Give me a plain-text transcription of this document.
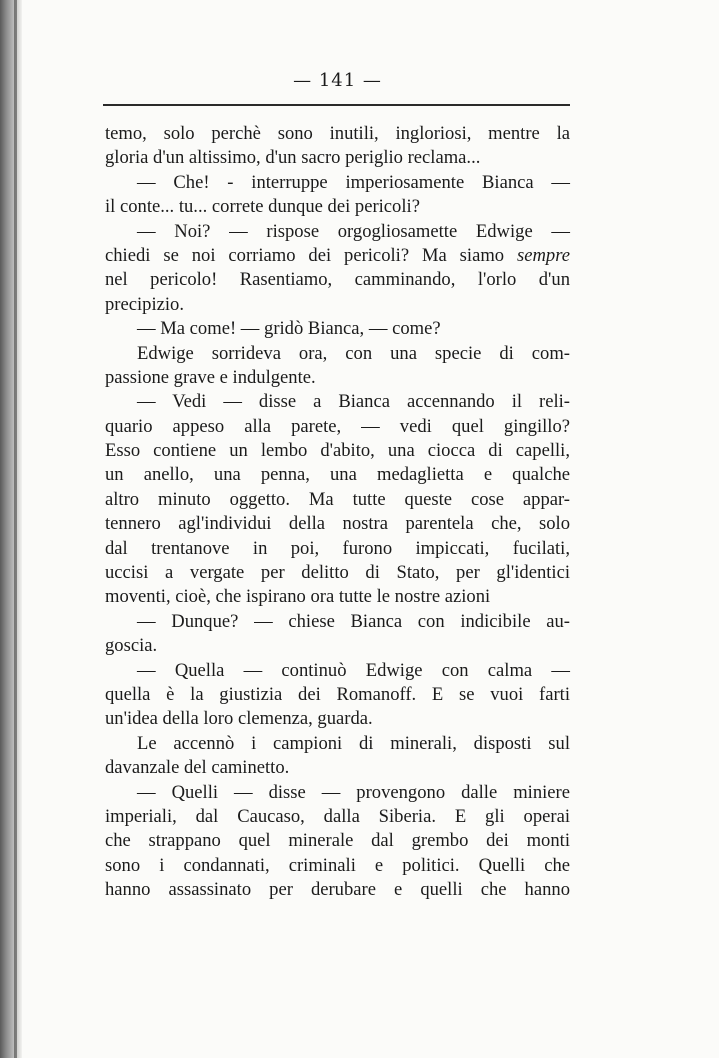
— 141 —
temo, solo perchè sono inutili, ingloriosi, mentre la
gloria d'un altissimo, d'un sacro periglio reclama...
— Che! - interruppe imperiosamente Bianca —
il conte... tu... correte dunque dei pericoli?
— Noi? — rispose orgogliosamette Edwige —
chiedi se noi corriamo dei pericoli? Ma siamo sempre
nel pericolo! Rasentiamo, camminando, l'orlo d'un
precipizio.
— Ma come! — gridò Bianca, — come?
Edwige sorrideva ora, con una specie di com-
passione grave e indulgente.
— Vedi — disse a Bianca accennando il reli-
quario appeso alla parete, — vedi quel gingillo?
Esso contiene un lembo d'abito, una ciocca di capelli,
un anello, una penna, una medaglietta e qualche
altro minuto oggetto. Ma tutte queste cose appar-
tennero agl'individui della nostra parentela che, solo
dal trentanove in poi, furono impiccati, fucilati,
uccisi a vergate per delitto di Stato, per gl'identici
moventi, cioè, che ispirano ora tutte le nostre azioni
— Dunque? — chiese Bianca con indicibile au-
goscia.
— Quella — continuò Edwige con calma —
quella è la giustizia dei Romanoff. E se vuoi farti
un'idea della loro clemenza, guarda.
Le accennò i campioni di minerali, disposti sul
davanzale del caminetto.
— Quelli — disse — provengono dalle miniere
imperiali, dal Caucaso, dalla Siberia. E gli operai
che strappano quel minerale dal grembo dei monti
sono i condannati, criminali e politici. Quelli che
hanno assassinato per derubare e quelli che hanno
